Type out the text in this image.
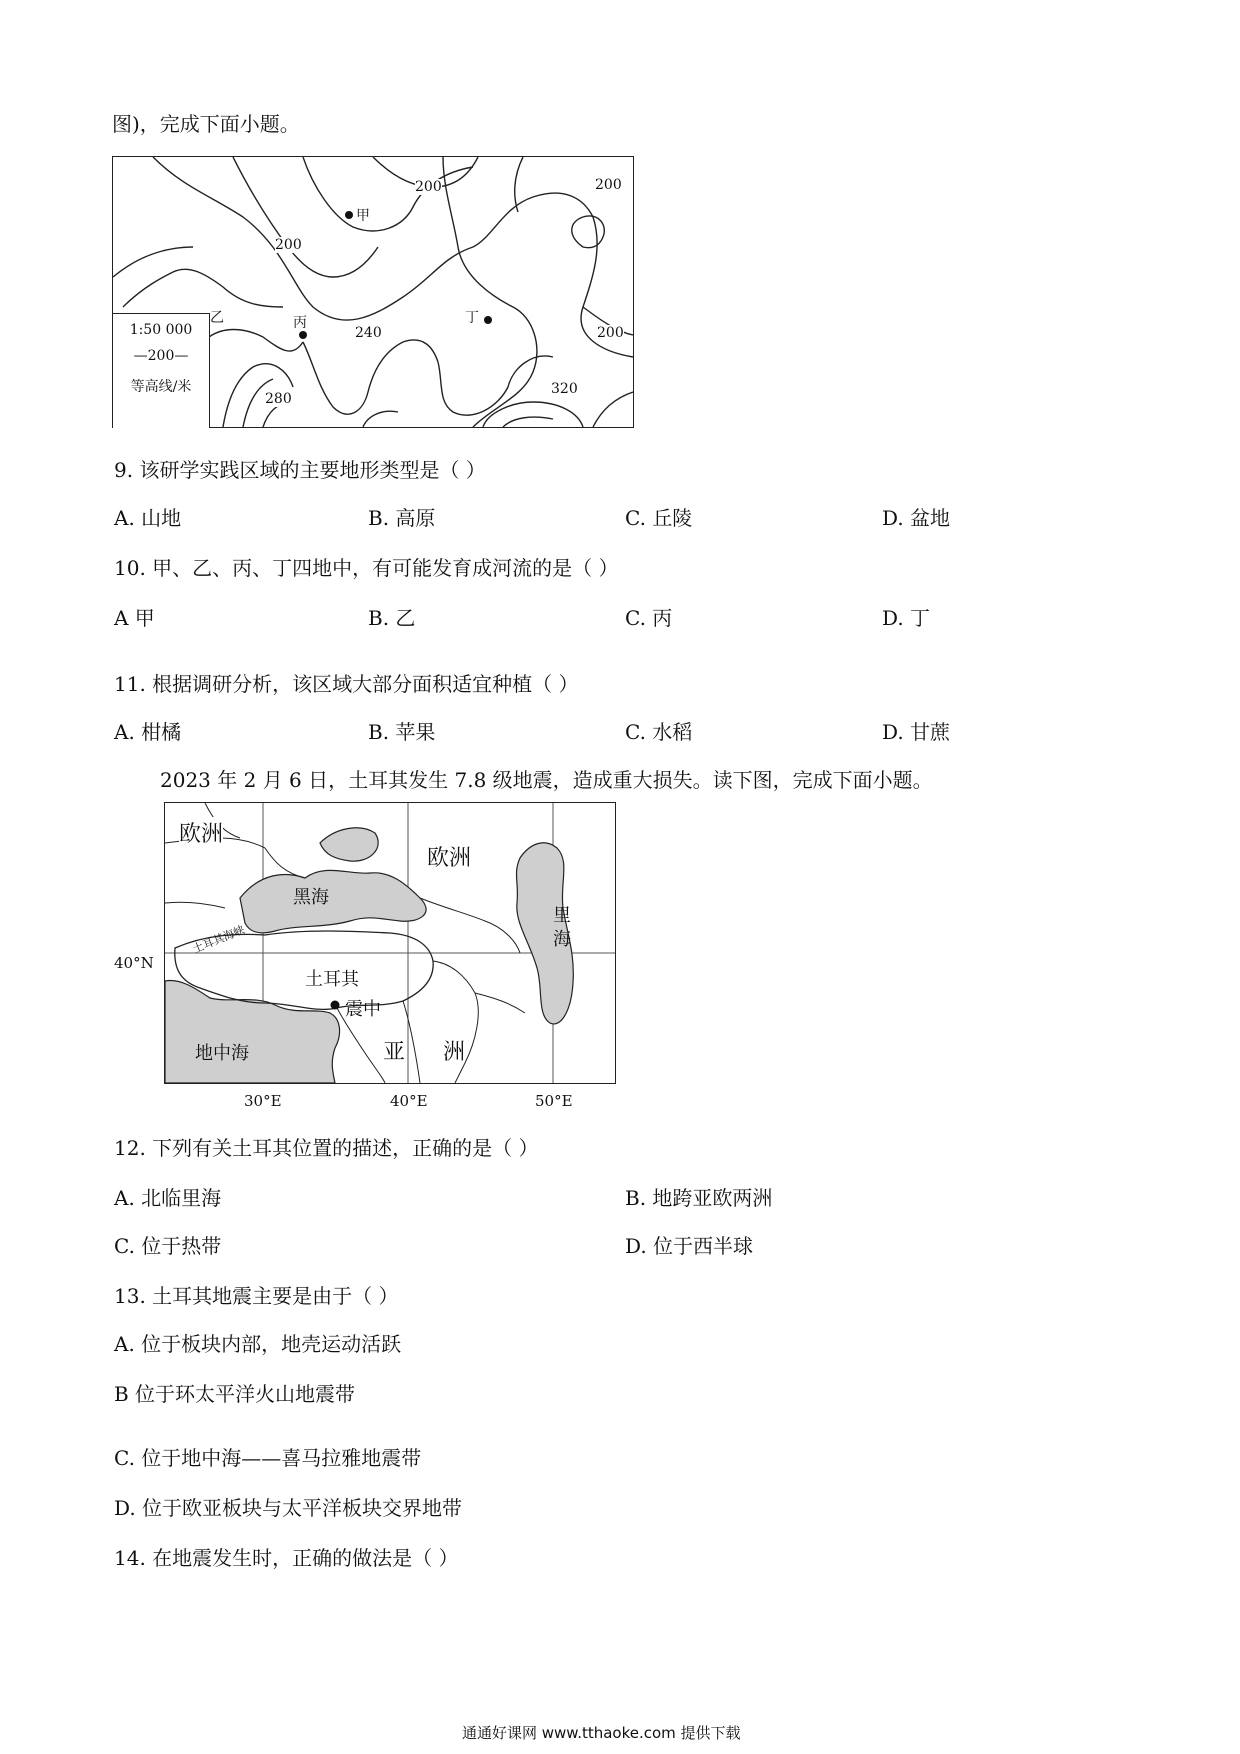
图)，完成下面小题。
甲
乙	丙	丁
200	200
200
240	200
320
280
1:50 000
—200—
等高线/米
9. 该研学实践区域的主要地形类型是（ ）
A. 山地	B. 高原	C. 丘陵	D. 盆地
10. 甲、乙、丙、丁四地中，有可能发育成河流的是（ ）
A 甲	B. 乙	C. 丙	D. 丁
11. 根据调研分析，该区域大部分面积适宜种植（ ）
A. 柑橘	B. 苹果	C. 水稻	D. 甘蔗
2023 年 2 月 6 日，土耳其发生 7.8 级地震，造成重大损失。读下图，完成下面小题。
欧洲
欧洲
黑海
里
海
土耳其海峡
土耳其
震中
地中海	亚 洲
40°N
30°E	40°E	50°E
12. 下列有关土耳其位置的描述，正确的是（ ）
A. 北临里海	B. 地跨亚欧两洲
C. 位于热带	D. 位于西半球
13. 土耳其地震主要是由于（ ）
A. 位于板块内部，地壳运动活跃
B 位于环太平洋火山地震带
C. 位于地中海——喜马拉雅地震带
D. 位于欧亚板块与太平洋板块交界地带
14. 在地震发生时，正确的做法是（ ）
通通好课网 www.tthaoke.com 提供下载
